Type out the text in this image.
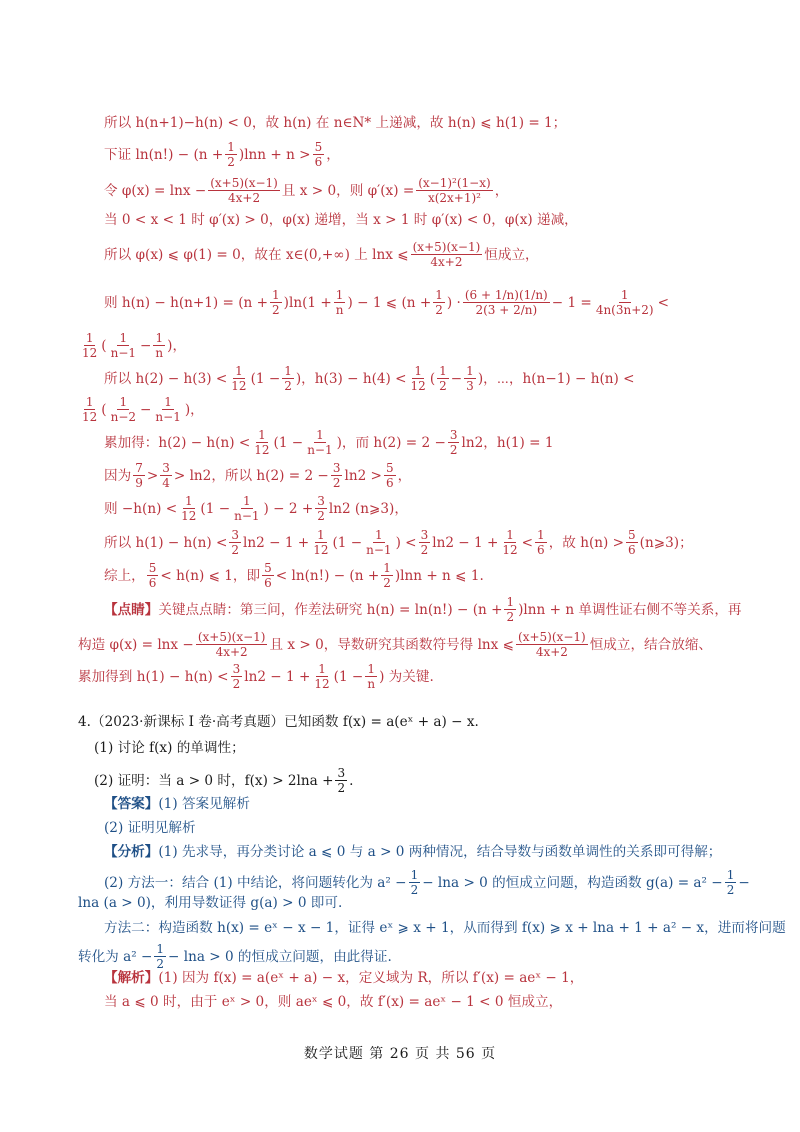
所以 h(n+1)−h(n) < 0，故 h(n) 在 n∈N* 上递减，故 h(n) ⩽ h(1) = 1；
下证 $\ln(n!) - (n + \frac{1}{2} )\ln n + n > \frac{5}{6}$ ，
令 $\varphi(x) = \ln x - \frac{(x+5)(x-1)}{4x+2}$ 且 x > 0，则 $\varphi'(x) = \frac{\text{(x−1)²(1−x)}}{\text{x(2x+1)²}}$ ，
当 0 < x < 1 时 φ′(x) > 0，φ(x) 递增，当 x > 1 时 φ′(x) < 0，φ(x) 递减，
所以 φ(x) ⩽ φ(1) = 0，故在 x∈(0,+∞) 上 lnx ⩽ $\frac{(x+5)(x-1)}{4x+2}$ 恒成立，
则 $h(n) - h(n+1) = (n + \frac{1}{2} )\ln(1 + \frac{1}{n}$ ) − 1 ⩽ ($n + \frac{1}{2}$ ) · $\frac{(6 + 1/n)(1/n)}{2(3 + 2/n)} - 1 = \frac{1}{4n(3n+2)}$ <
$\frac{1}{12}$ ( $\frac{1}{n-1} - \frac{1}{n}$ )，
所以 $h(2) - h(3) < \frac{1}{12} (1 - \frac{1}{2}$ )，$h(3) - h(4) < \frac{1}{12}$ ( $\frac{1}{2} - \frac{1}{3}$ )，⋯，h(n−1) − h(n) <
$\frac{1}{12}$ ( $\frac{1}{n-2} - \frac{1}{n-1}$ )，
累加得：$h(2) - h(n) < \frac{1}{12} (1 - \frac{1}{n-1}$ )，而 $h(2) = 2 - \frac{3}{2} \ln 2$，h(1) = 1
因为 $\frac{7}{9} > \frac{3}{4} > \ln 2$，所以 $h(2) = 2 - \frac{3}{2} \ln 2 > \frac{5}{6}$ ，
则 $-h(n) < \frac{1}{12} (1 - \frac{1}{n-1}$ ) − $2 + \frac{3}{2} \ln 2$ (n⩾3)，
所以 $h(1) - h(n) < \frac{3}{2} \ln 2 - 1 + \frac{1}{12} (1 - \frac{1}{n-1}$ ) < $\frac{3}{2} \ln 2 - 1 + \frac{1}{12} < \frac{1}{6}$ ，故 $h(n) > \frac{5}{6}$ (n⩾3)；
综上， $\frac{5}{6} < h(n)$ ⩽ 1，即 $\frac{5}{6} < \ln(n!) - (n + \frac{1}{2} )\ln n + n$ ⩽ 1.
【点睛】 关键点点睛：第三问，作差法研究 $h(n) = \ln(n!) - (n + \frac{1}{2} )\ln n + n$ 单调性证右侧不等关系，再
构造 $\varphi(x) = \ln x - \frac{(x+5)(x-1)}{4x+2}$ 且 x > 0，导数研究其函数符号得 lnx ⩽ $\frac{(x+5)(x-1)}{4x+2}$ 恒成立，结合放缩、
累加得到 $h(1) - h(n) < \frac{3}{2} \ln 2 - 1 + \frac{1}{12} (1 - \frac{1}{n}$ ) 为关键.
4.（2023·新课标 I 卷·高考真题）已知函数 f(x) = a(eˣ + a) − x.
(1) 讨论 f(x) 的单调性；
(2) 证明：当 a > 0 时，$f(x) > 2\ln a + \frac{3}{2}$ .
【答案】 (1) 答案见解析
(2) 证明见解析
【分析】 (1) 先求导，再分类讨论 a ⩽ 0 与 a > 0 两种情况，结合导数与函数单调性的关系即可得解；
(2) 方法一：结合 (1) 中结论，将问题转化为 $a^2 - \frac{1}{2} - \ln a > 0$ 的恒成立问题，构造函数 $g(a) = a^2 - \frac{1}{2}$ −
lna (a > 0)，利用导数证得 g(a) > 0 即可.
方法二：构造函数 h(x) = eˣ − x − 1，证得 eˣ ⩾ x + 1，从而得到 f(x) ⩾ x + lna + 1 + a² − x，进而将问题
转化为 $a^2 - \frac{1}{2} - \ln a > 0$ 的恒成立问题，由此得证.
【解析】 (1) 因为 f(x) = a(eˣ + a) − x，定义域为 R，所以 f′(x) = aeˣ − 1，
当 a ⩽ 0 时，由于 eˣ > 0，则 aeˣ ⩽ 0，故 f′(x) = aeˣ − 1 < 0 恒成立，
数学试题 第 26 页 共 56 页
